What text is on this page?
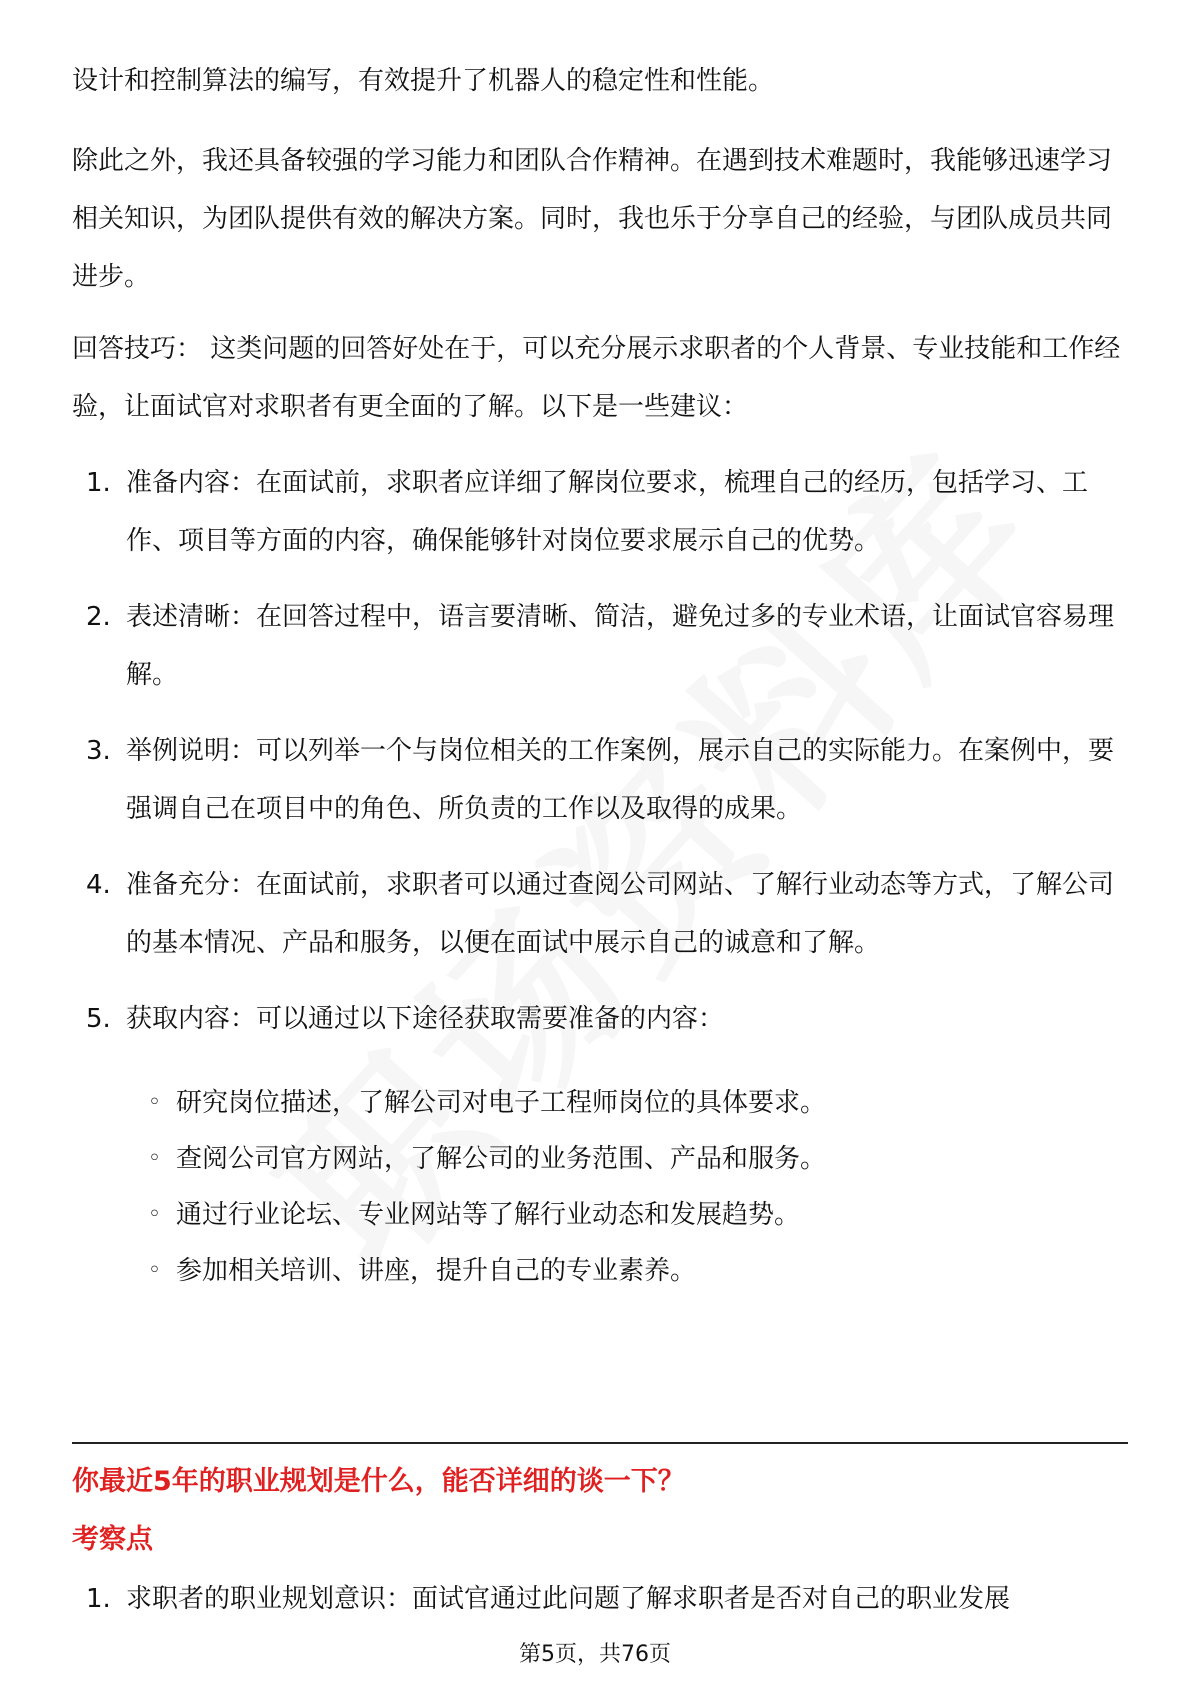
设计和控制算法的编写，有效提升了机器人的稳定性和性能。

除此之外，我还具备较强的学习能力和团队合作精神。在遇到技术难题时，我能够迅速学习相关知识，为团队提供有效的解决方案。同时，我也乐于分享自己的经验，与团队成员共同进步。

回答技巧： 这类问题的回答好处在于，可以充分展示求职者的个人背景、专业技能和工作经验，让面试官对求职者有更全面的了解。以下是一些建议：

1. 准备内容：在面试前，求职者应详细了解岗位要求，梳理自己的经历，包括学习、工作、项目等方面的内容，确保能够针对岗位要求展示自己的优势。
2. 表述清晰：在回答过程中，语言要清晰、简洁，避免过多的专业术语，让面试官容易理解。
3. 举例说明：可以列举一个与岗位相关的工作案例，展示自己的实际能力。在案例中，要强调自己在项目中的角色、所负责的工作以及取得的成果。
4. 准备充分：在面试前，求职者可以通过查阅公司网站、了解行业动态等方式，了解公司的基本情况、产品和服务，以便在面试中展示自己的诚意和了解。
5. 获取内容：可以通过以下途径获取需要准备的内容：
◦ 研究岗位描述，了解公司对电子工程师岗位的具体要求。
◦ 查阅公司官方网站，了解公司的业务范围、产品和服务。
◦ 通过行业论坛、专业网站等了解行业动态和发展趋势。
◦ 参加相关培训、讲座，提升自己的专业素养。
你最近5年的职业规划是什么，能否详细的谈一下？
考察点
1. 求职者的职业规划意识：面试官通过此问题了解求职者是否对自己的职业发展
第5页，共76页
